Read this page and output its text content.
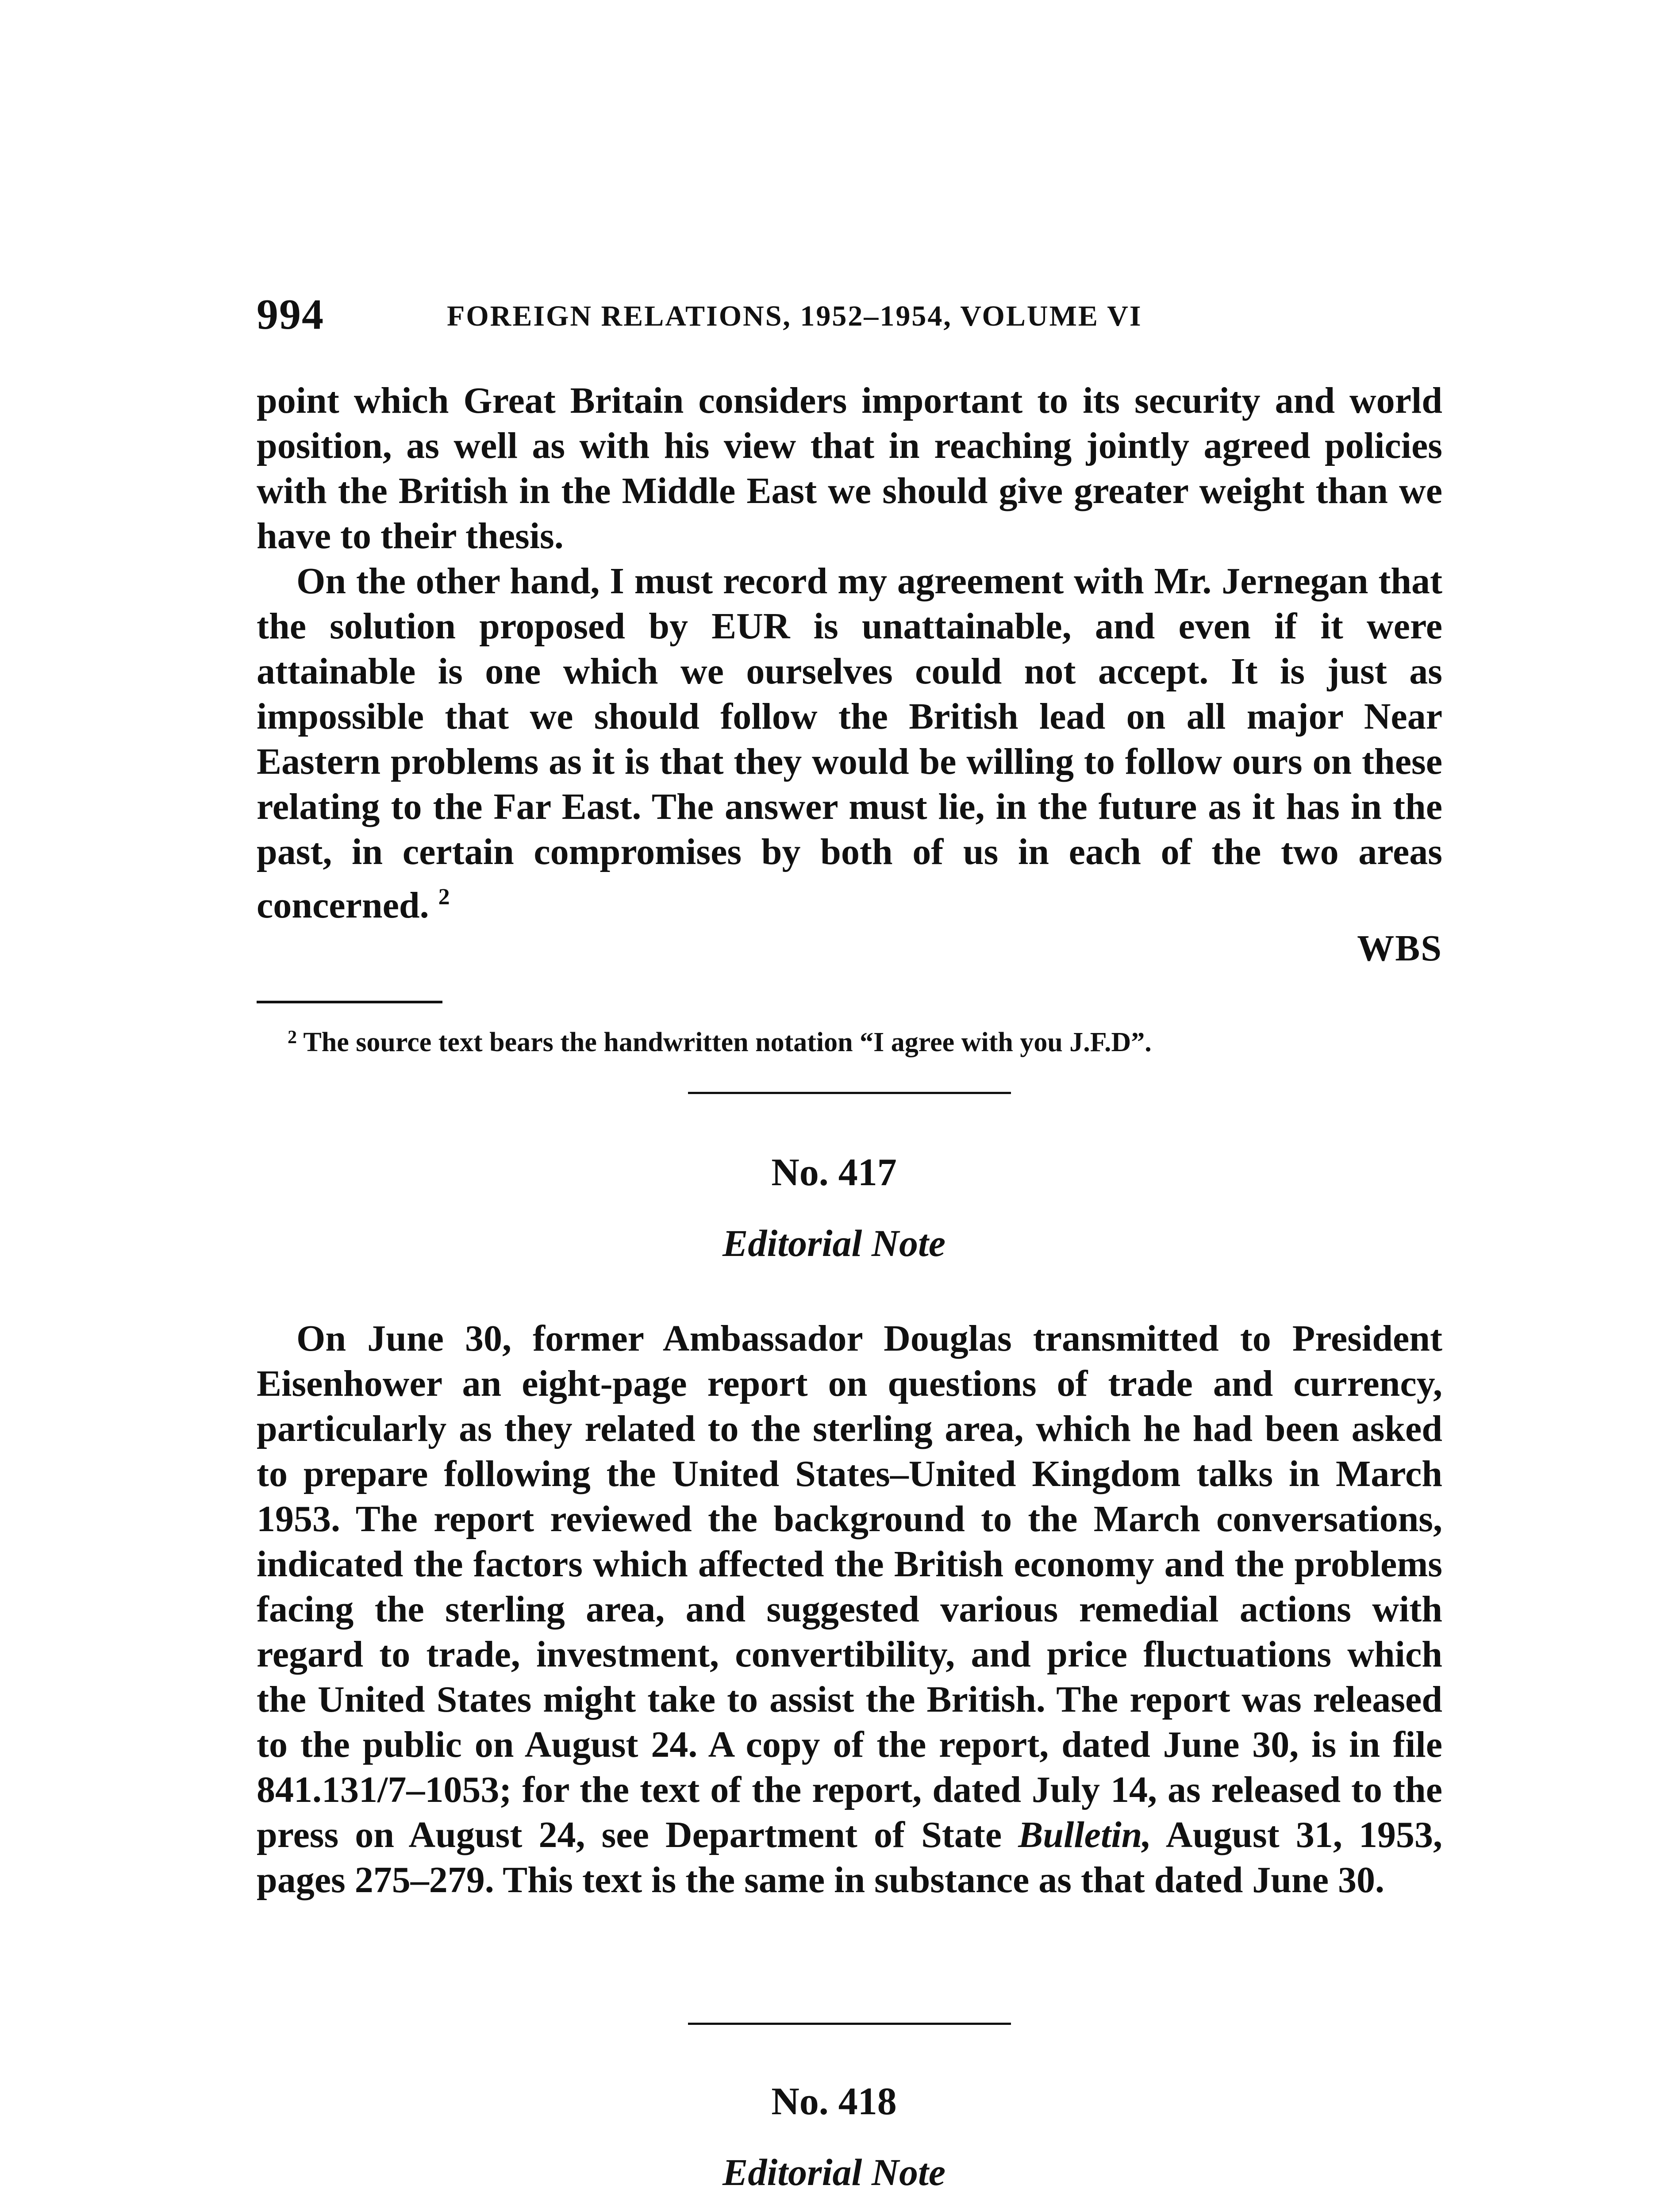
994	FOREIGN RELATIONS, 1952–1954, VOLUME VI

point which Great Britain considers important to its security and world position, as well as with his view that in reaching jointly agreed policies with the British in the Middle East we should give greater weight than we have to their thesis.

On the other hand, I must record my agreement with Mr. Jernegan that the solution proposed by EUR is unattainable, and even if it were attainable is one which we ourselves could not accept. It is just as impossible that we should follow the British lead on all major Near Eastern problems as it is that they would be willing to follow ours on these relating to the Far East. The answer must lie, in the future as it has in the past, in certain compromises by both of us in each of the two areas concerned. $^2$

WBS
$^2$ The source text bears the handwritten notation “I agree with you J.F.D”.
No. 417
Editorial Note

On June 30, former Ambassador Douglas transmitted to President Eisenhower an eight-page report on questions of trade and currency, particularly as they related to the sterling area, which he had been asked to prepare following the United States–United Kingdom talks in March 1953. The report reviewed the background to the March conversations, indicated the factors which affected the British economy and the problems facing the sterling area, and suggested various remedial actions with regard to trade, investment, convertibility, and price fluctuations which the United States might take to assist the British. The report was released to the public on August 24. A copy of the report, dated June 30, is in file 841.131/7–1053; for the text of the report, dated July 14, as released to the press on August 24, see Department of State Bulletin, August 31, 1953, pages 275–279. This text is the same in substance as that dated June 30.

No. 418
Editorial Note
